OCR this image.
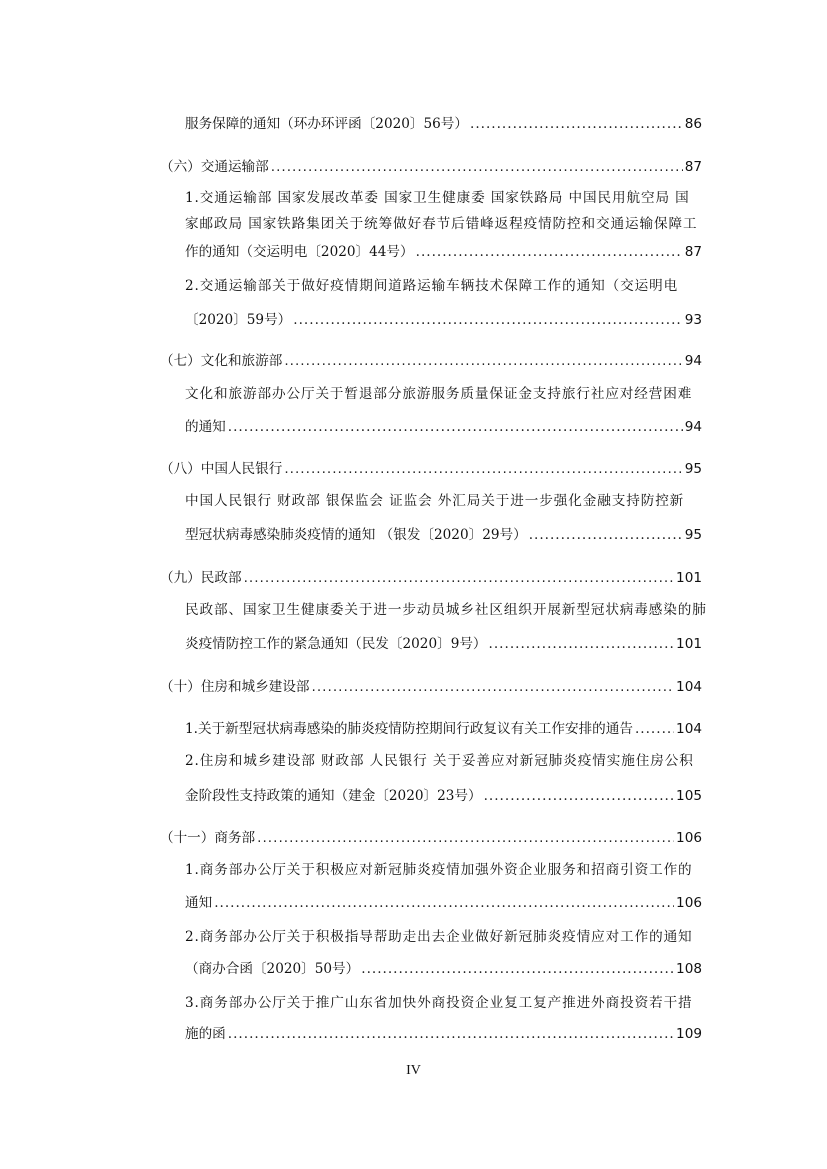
服务保障的通知（环办环评函〔2020〕56号） .....	86
（六）交通运输部 .....	87
1.交通运输部 国家发展改革委 国家卫生健康委 国家铁路局 中国民用航空局 国
家邮政局 国家铁路集团关于统筹做好春节后错峰返程疫情防控和交通运输保障工
作的通知（交运明电〔2020〕44号） .....	87
2.交通运输部关于做好疫情期间道路运输车辆技术保障工作的通知（交运明电
〔2020〕59号） .....	93
（七）文化和旅游部 .....	94
文化和旅游部办公厅关于暂退部分旅游服务质量保证金支持旅行社应对经营困难
的通知 .....	94
（八）中国人民银行 .....	95
中国人民银行 财政部 银保监会 证监会 外汇局关于进一步强化金融支持防控新
型冠状病毒感染肺炎疫情的通知 （银发〔2020〕29号） .....	95
（九）民政部 .....	101
民政部、国家卫生健康委关于进一步动员城乡社区组织开展新型冠状病毒感染的肺
炎疫情防控工作的紧急通知（民发〔2020〕9号） .....	101
（十）住房和城乡建设部 .....	104
1.关于新型冠状病毒感染的肺炎疫情防控期间行政复议有关工作安排的通告 .....	104
2.住房和城乡建设部 财政部 人民银行 关于妥善应对新冠肺炎疫情实施住房公积
金阶段性支持政策的通知（建金〔2020〕23号） .....	105
（十一）商务部 .....	106
1.商务部办公厅关于积极应对新冠肺炎疫情加强外资企业服务和招商引资工作的
通知 .....	106
2.商务部办公厅关于积极指导帮助走出去企业做好新冠肺炎疫情应对工作的通知
（商办合函〔2020〕50号） .....	108
3.商务部办公厅关于推广山东省加快外商投资企业复工复产推进外商投资若干措
施的函 .....	109
IV
